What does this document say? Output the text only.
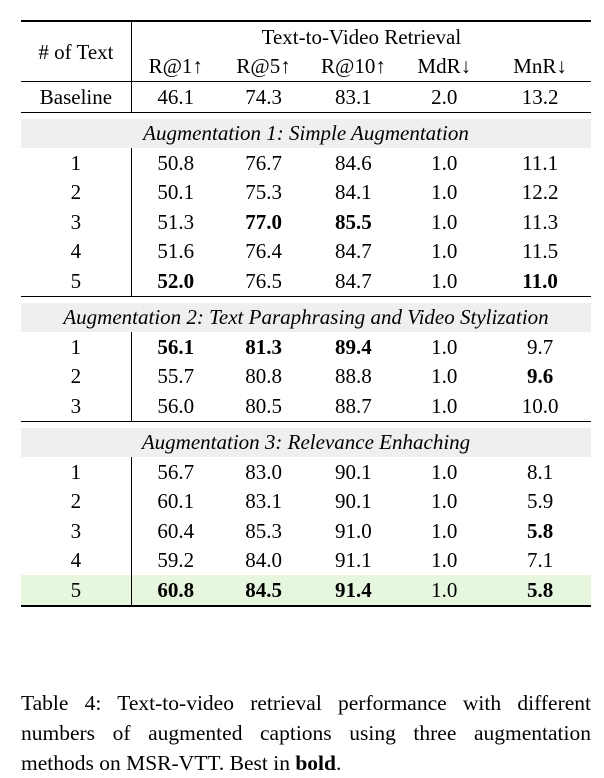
# of Text	Text-to-Video Retrieval				
	R@1↑	R@5↑	R@10↑	MdR↓	MnR↓
Baseline	46.1	74.3	83.1	2.0	13.2

Augmentation 1: Simple Augmentation					
1	50.8	76.7	84.6	1.0	11.1
2	50.1	75.3	84.1	1.0	12.2
3	51.3	77.0	85.5	1.0	11.3
4	51.6	76.4	84.7	1.0	11.5
5	52.0	76.5	84.7	1.0	11.0

Augmentation 2: Text Paraphrasing and Video Stylization					
1	56.1	81.3	89.4	1.0	9.7
2	55.7	80.8	88.8	1.0	9.6
3	56.0	80.5	88.7	1.0	10.0

Augmentation 3: Relevance Enhaching					
1	56.7	83.0	90.1	1.0	8.1
2	60.1	83.1	90.1	1.0	5.9
3	60.4	85.3	91.0	1.0	5.8
4	59.2	84.0	91.1	1.0	7.1
5	60.8	84.5	91.4	1.0	5.8

Table 4: Text-to-video retrieval performance with different numbers of augmented captions using three augmentation methods on MSR-VTT. Best in bold.
